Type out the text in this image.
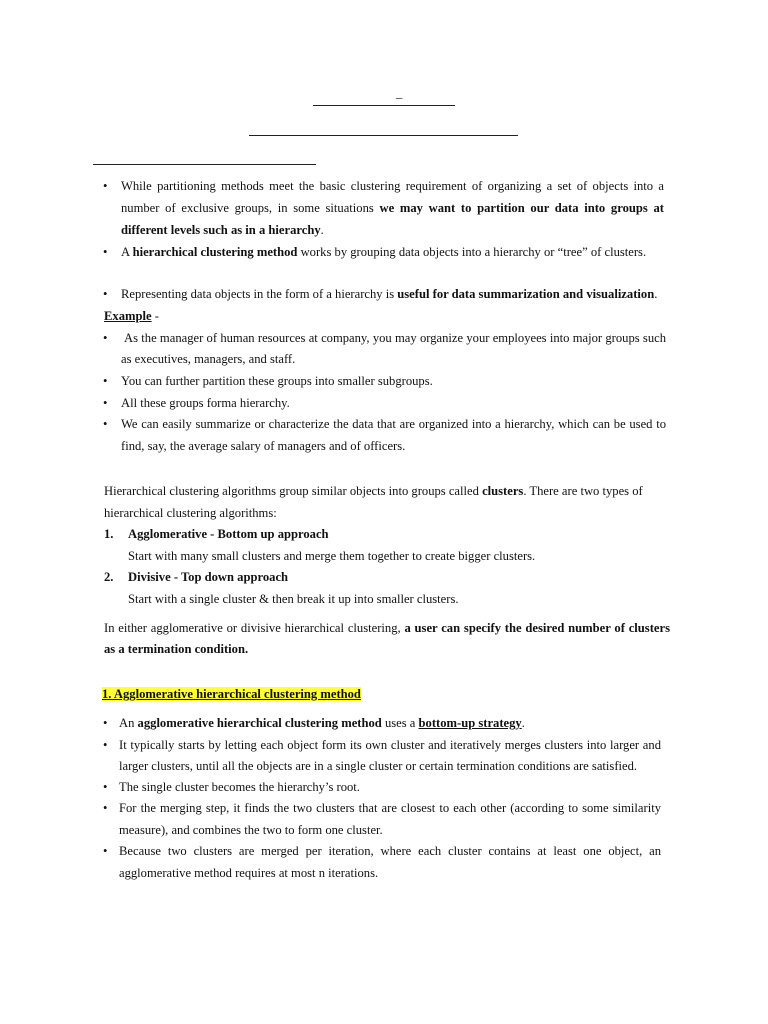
_
• While partitioning methods meet the basic clustering requirement of organizing a set of objects into a
number of exclusive groups, in some situations we may want to partition our data into groups at
different levels such as in a hierarchy.
• A hierarchical clustering method works by grouping data objects into a hierarchy or “tree” of clusters.
• Representing data objects in the form of a hierarchy is useful for data summarization and visualization.
Example -
• As the manager of human resources at company, you may organize your employees into major groups such
as executives, managers, and staff.
• You can further partition these groups into smaller subgroups.
• All these groups forma hierarchy.
• We can easily summarize or characterize the data that are organized into a hierarchy, which can be used to
find, say, the average salary of managers and of officers.
Hierarchical clustering algorithms group similar objects into groups called clusters. There are two types of
hierarchical clustering algorithms:
1. Agglomerative - Bottom up approach
Start with many small clusters and merge them together to create bigger clusters.
2. Divisive - Top down approach
Start with a single cluster & then break it up into smaller clusters.
In either agglomerative or divisive hierarchical clustering, a user can specify the desired number of clusters
as a termination condition.
1. Agglomerative hierarchical clustering method
• An agglomerative hierarchical clustering method uses a bottom-up strategy.
• It typically starts by letting each object form its own cluster and iteratively merges clusters into larger and
larger clusters, until all the objects are in a single cluster or certain termination conditions are satisfied.
• The single cluster becomes the hierarchy’s root.
• For the merging step, it finds the two clusters that are closest to each other (according to some similarity
measure), and combines the two to form one cluster.
• Because two clusters are merged per iteration, where each cluster contains at least one object, an
agglomerative method requires at most n iterations.
